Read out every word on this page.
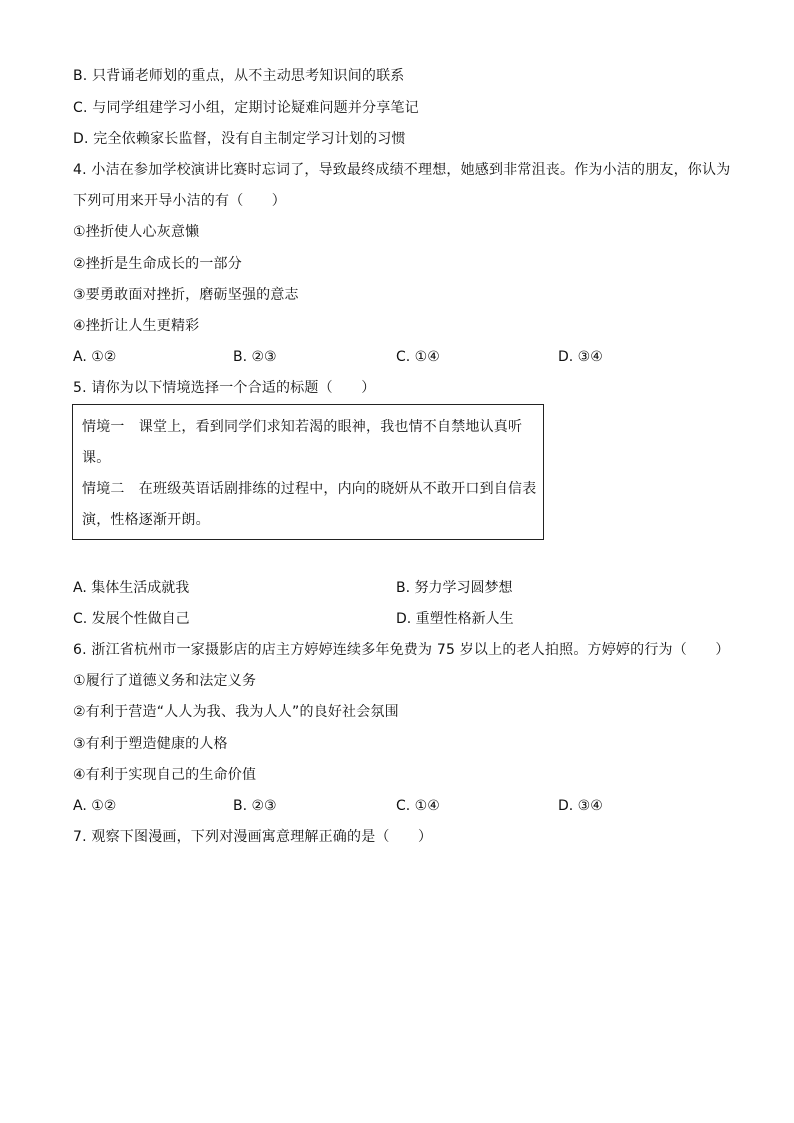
B. 只背诵老师划的重点，从不主动思考知识间的联系
C. 与同学组建学习小组，定期讨论疑难问题并分享笔记
D. 完全依赖家长监督，没有自主制定学习计划的习惯
4. 小洁在参加学校演讲比赛时忘词了，导致最终成绩不理想，她感到非常沮丧。作为小洁的朋友，你认为
下列可用来开导小洁的有（　　）
①挫折使人心灰意懒
②挫折是生命成长的一部分
③要勇敢面对挫折，磨砺坚强的意志
④挫折让人生更精彩
A. ①②	B. ②③	C. ①④	D. ③④
5. 请你为以下情境选择一个合适的标题（　　）
情境一　课堂上，看到同学们求知若渴的眼神，我也情不自禁地认真听
课。
情境二　在班级英语话剧排练的过程中，内向的晓妍从不敢开口到自信表
演，性格逐渐开朗。
A. 集体生活成就我	B. 努力学习圆梦想
C. 发展个性做自己	D. 重塑性格新人生
6. 浙江省杭州市一家摄影店的店主方婷婷连续多年免费为 75 岁以上的老人拍照。方婷婷的行为（　　）
①履行了道德义务和法定义务
②有利于营造“人人为我、我为人人”的良好社会氛围
③有利于塑造健康的人格
④有利于实现自己的生命价值
A. ①②	B. ②③	C. ①④	D. ③④
7. 观察下图漫画，下列对漫画寓意理解正确的是（　　）
